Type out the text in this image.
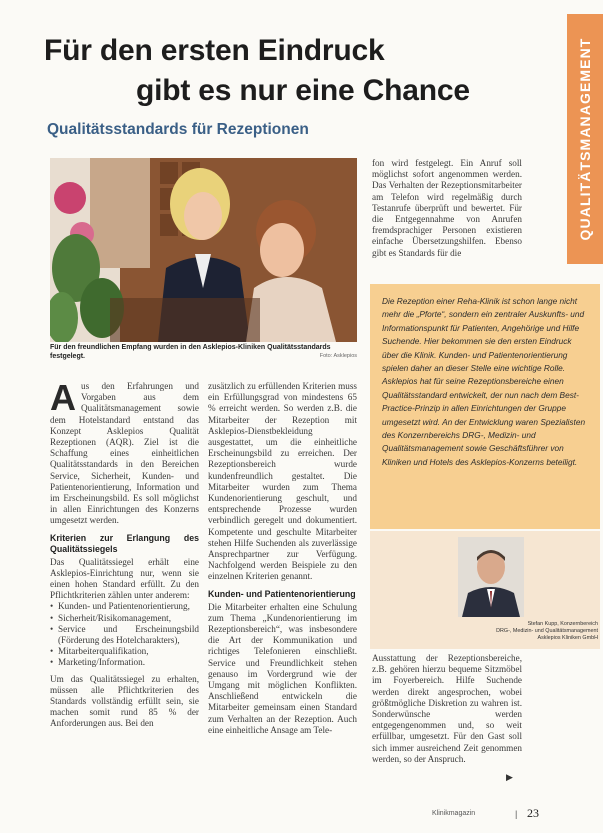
Für den ersten Eindruck
gibt es nur eine Chance
Qualitätsstandards für Rezeptionen	QUALITÄTSMANAGEMENT

Für den freundlichen Empfang wurden in den Asklepios-Kliniken Qualitätsstandards festgelegt.	Foto: Asklepios
A us den Erfahrungen und Vorgaben aus dem Qualitätsmanagement sowie dem Hotelstandard entstand das Konzept Asklepios Qualität Rezeptionen (AQR). Ziel ist die Schaffung eines einheitlichen Qualitätsstandards in den Bereichen Service, Sicherheit, Kunden- und Patientenorientierung, Information und im Erscheinungsbild. Es soll möglichst in allen Einrichtungen des Konzerns umgesetzt werden.

Kriterien zur Erlangung des Qualitätssiegels

Das Qualitätssiegel erhält eine Asklepios-Einrichtung nur, wenn sie einen hohen Standard erfüllt. Zu den Pflichtkriterien zählen unter anderem:

• Kunden- und Patientenorientierung,
• Sicherheit/Risikomanagement,
• Service und Erscheinungsbild (Förderung des Hotelcharakters),
• Mitarbeiterqualifikation,
• Marketing/Information.

Um das Qualitätssiegel zu erhalten, müssen alle Pflichtkriterien des Standards vollständig erfüllt sein, sie machen somit rund 85 % der Anforderungen aus. Bei den

zusätzlich zu erfüllenden Kriterien muss ein Erfüllungsgrad von mindestens 65 % erreicht werden. So werden z.B. die Mitarbeiter der Rezeption mit Asklepios-Dienstbekleidung ausgestattet, um die einheitliche Erscheinungsbild zu erreichen. Der Rezeptionsbereich wurde kundenfreundlich gestaltet. Die Mitarbeiter wurden zum Thema Kundenorientierung geschult, und entsprechende Prozesse wurden verbindlich geregelt und dokumentiert. Kompetente und geschulte Mitarbeiter stehen Hilfe Suchenden als zuverlässige Ansprechpartner zur Verfügung. Nachfolgend werden Beispiele zu den einzelnen Kriterien genannt.

Kunden- und Patientenorientierung

Die Mitarbeiter erhalten eine Schulung zum Thema „Kundenorientierung im Rezeptionsbereich“, was insbesondere die Art der Kommunikation und richtiges Telefonieren einschließt. Service und Freundlichkeit stehen genauso im Vordergrund wie der Umgang mit möglichen Konflikten. Anschließend entwickeln die Mitarbeiter gemeinsam einen Standard zum Verhalten an der Rezeption. Auch eine einheitliche Ansage am Tele-

fon wird festgelegt. Ein Anruf soll möglichst sofort angenommen werden. Das Verhalten der Rezeptionsmitarbeiter am Telefon wird regelmäßig durch Testanrufe überprüft und bewertet. Für die Entgegennahme von Anrufen fremdsprachiger Personen existieren einfache Übersetzungshilfen. Ebenso gibt es Standards für die

Die Rezeption einer Reha-Klinik ist schon lange nicht mehr die „Pforte“, sondern ein zentraler Auskunfts- und Informationspunkt für Patienten, Angehörige und Hilfe Suchende. Hier bekommen sie den ersten Eindruck über die Klinik. Kunden- und Patientenorientierung spielen daher an dieser Stelle eine wichtige Rolle. Asklepios hat für seine Rezeptionsbereiche einen Qualitätsstandard entwickelt, der nun nach dem Best-Practice-Prinzip in allen Einrichtungen der Gruppe umgesetzt wird. An der Entwicklung waren Spezialisten des Konzernbereichs DRG-, Medizin- und Qualitätsmanagement sowie Geschäftsführer von Kliniken und Hotels des Asklepios-Konzerns beteiligt.

Stefan Kupp, Konzernbereich
DRG-, Medizin- und Qualitätsmanagement
Asklepios Kliniken GmbH

Ausstattung der Rezeptionsbereiche, z.B. gehören hierzu bequeme Sitzmöbel im Foyerbereich. Hilfe Suchende werden direkt angesprochen, wobei größtmögliche Diskretion zu wahren ist. Sonderwünsche werden entgegengenommen und, so weit erfüllbar, umgesetzt. Für den Gast soll sich immer ausreichend Zeit genommen werden, so der Anspruch.

▶
Klinikmagazin	| 23
